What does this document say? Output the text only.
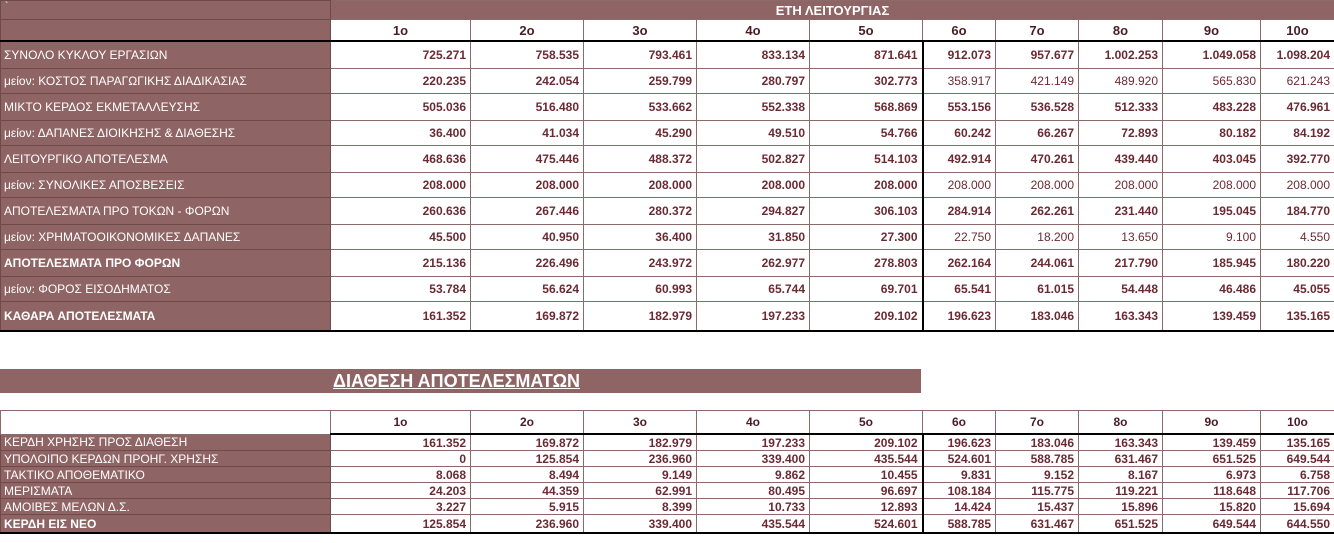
`	ΕΤΗ ΛΕΙΤΟΥΡΓΙΑΣ									
	1ο	2ο	3ο	4ο	5ο	6ο	7ο	8ο	9ο	10ο
ΣΥΝΟΛΟ ΚΥΚΛΟΥ ΕΡΓΑΣΙΩΝ	725.271	758.535	793.461	833.134	871.641	912.073	957.677	1.002.253	1.049.058	1.098.204
μείον: ΚΟΣΤΟΣ ΠΑΡΑΓΩΓΙΚΗΣ ΔΙΑΔΙΚΑΣΙΑΣ	220.235	242.054	259.799	280.797	302.773	358.917	421.149	489.920	565.830	621.243
ΜΙΚΤΟ ΚΕΡΔΟΣ ΕΚΜΕΤΑΛΛΕΥΣΗΣ	505.036	516.480	533.662	552.338	568.869	553.156	536.528	512.333	483.228	476.961
μείον: ΔΑΠΑΝΕΣ ΔΙΟΙΚΗΣΗΣ & ΔΙΑΘΕΣΗΣ	36.400	41.034	45.290	49.510	54.766	60.242	66.267	72.893	80.182	84.192
ΛΕΙΤΟΥΡΓΙΚΟ ΑΠΟΤΕΛΕΣΜΑ	468.636	475.446	488.372	502.827	514.103	492.914	470.261	439.440	403.045	392.770
μείον: ΣΥΝΟΛΙΚΕΣ ΑΠΟΣΒΕΣΕΙΣ	208.000	208.000	208.000	208.000	208.000	208.000	208.000	208.000	208.000	208.000
ΑΠΟΤΕΛΕΣΜΑΤΑ ΠΡΟ ΤΟΚΩΝ - ΦΟΡΩΝ	260.636	267.446	280.372	294.827	306.103	284.914	262.261	231.440	195.045	184.770
μείον: ΧΡΗΜΑΤΟΟΙΚΟΝΟΜΙΚΕΣ ΔΑΠΑΝΕΣ	45.500	40.950	36.400	31.850	27.300	22.750	18.200	13.650	9.100	4.550
ΑΠΟΤΕΛΕΣΜΑΤΑ ΠΡΟ ΦΟΡΩΝ	215.136	226.496	243.972	262.977	278.803	262.164	244.061	217.790	185.945	180.220
μείον: ΦΟΡΟΣ ΕΙΣΟΔΗΜΑΤΟΣ	53.784	56.624	60.993	65.744	69.701	65.541	61.015	54.448	46.486	45.055
ΚΑΘΑΡΑ ΑΠΟΤΕΛΕΣΜΑΤΑ	161.352	169.872	182.979	197.233	209.102	196.623	183.046	163.343	139.459	135.165
ΔΙΑΘΕΣΗ ΑΠΟΤΕΛΕΣΜΑΤΩΝ
	1ο	2ο	3ο	4ο	5ο	6ο	7ο	8ο	9ο	10ο
ΚΕΡΔΗ ΧΡΗΣΗΣ ΠΡΟΣ ΔΙΑΘΕΣΗ	161.352	169.872	182.979	197.233	209.102	196.623	183.046	163.343	139.459	135.165
ΥΠΟΛΟΙΠΟ ΚΕΡΔΩΝ ΠΡΟΗΓ. ΧΡΗΣΗΣ	0	125.854	236.960	339.400	435.544	524.601	588.785	631.467	651.525	649.544
ΤΑΚΤΙΚΟ ΑΠΟΘΕΜΑΤΙΚΟ	8.068	8.494	9.149	9.862	10.455	9.831	9.152	8.167	6.973	6.758
ΜΕΡΙΣΜΑΤΑ	24.203	44.359	62.991	80.495	96.697	108.184	115.775	119.221	118.648	117.706
ΑΜΟΙΒΕΣ ΜΕΛΩΝ Δ.Σ.	3.227	5.915	8.399	10.733	12.893	14.424	15.437	15.896	15.820	15.694
ΚΕΡΔΗ ΕΙΣ ΝΕΟ	125.854	236.960	339.400	435.544	524.601	588.785	631.467	651.525	649.544	644.550
